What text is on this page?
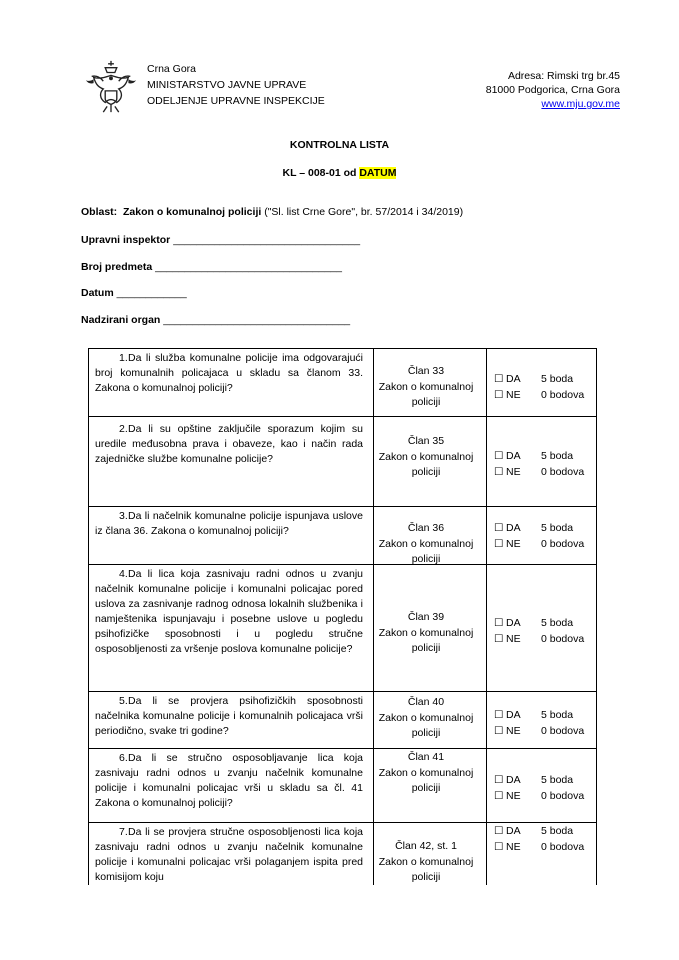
Crna Gora
MINISTARSTVO JAVNE UPRAVE
ODELJENJE UPRAVNE INSPEKCIJE
Adresa: Rimski trg br.45
81000 Podgorica, Crna Gora
www.mju.gov.me
KONTROLNA LISTA
KL – 008-01 od DATUM
Oblast: Zakon o komunalnoj policiji ("Sl. list Crne Gore", br. 57/2014 i 34/2019)
Upravni inspektor ________________________________
Broj predmeta ________________________________
Datum ____________
Nadzirani organ ________________________________
1.Da li služba komunalne policije ima odgovarajući broj komunalnih policajaca u skladu sa članom 33. Zakona o komunalnoj policiji?
Član 33
Zakon o komunalnoj policiji
☐ DA 5 boda
☐ NE 0 bodova
2.Da li su opštine zaključile sporazum kojim su uredile međusobna prava i obaveze, kao i način rada zajedničke službe komunalne policije?
Član 35
Zakon o komunalnoj policiji
☐ DA 5 boda
☐ NE 0 bodova
3.Da li načelnik komunalne policije ispunjava uslove iz člana 36. Zakona o komunalnoj policiji?	Član 36
Zakon o komunalnoj policiji
☐ DA 5 boda
☐ NE 0 bodova
4.Da li lica koja zasnivaju radni odnos u zvanju načelnik komunalne policije i komunalni policajac pored uslova za zasnivanje radnog odnosa lokalnih službenika i namještenika ispunjavaju i posebne uslove u pogledu psihofizičke sposobnosti i u pogledu stručne osposobljenosti za vršenje poslova komunalne policije?
Član 39
Zakon o komunalnoj policiji
☐ DA 5 boda
☐ NE 0 bodova
5.Da li se provjera psihofizičkih sposobnosti načelnika komunalne policije i komunalnih policajaca vrši periodično, svake tri godine?
Član 40
Zakon o komunalnoj policiji
☐ DA 5 boda
☐ NE 0 bodova
6.Da li se stručno osposobljavanje lica koja zasnivaju radni odnos u zvanju načelnik komunalne policije i komunalni policajac vrši u skladu sa čl. 41 Zakona o komunalnoj policiji?
Član 41
Zakon o komunalnoj policiji
☐ DA 5 boda
☐ NE 0 bodova
7.Da li se provjera stručne osposobljenosti lica koja zasnivaju radni odnos u zvanju načelnik komunalne policije i komunalni policajac vrši polaganjem ispita pred komisijom koju
Član 42, st. 1
Zakon o komunalnoj policiji
☐ DA 5 boda
☐ NE 0 bodova
